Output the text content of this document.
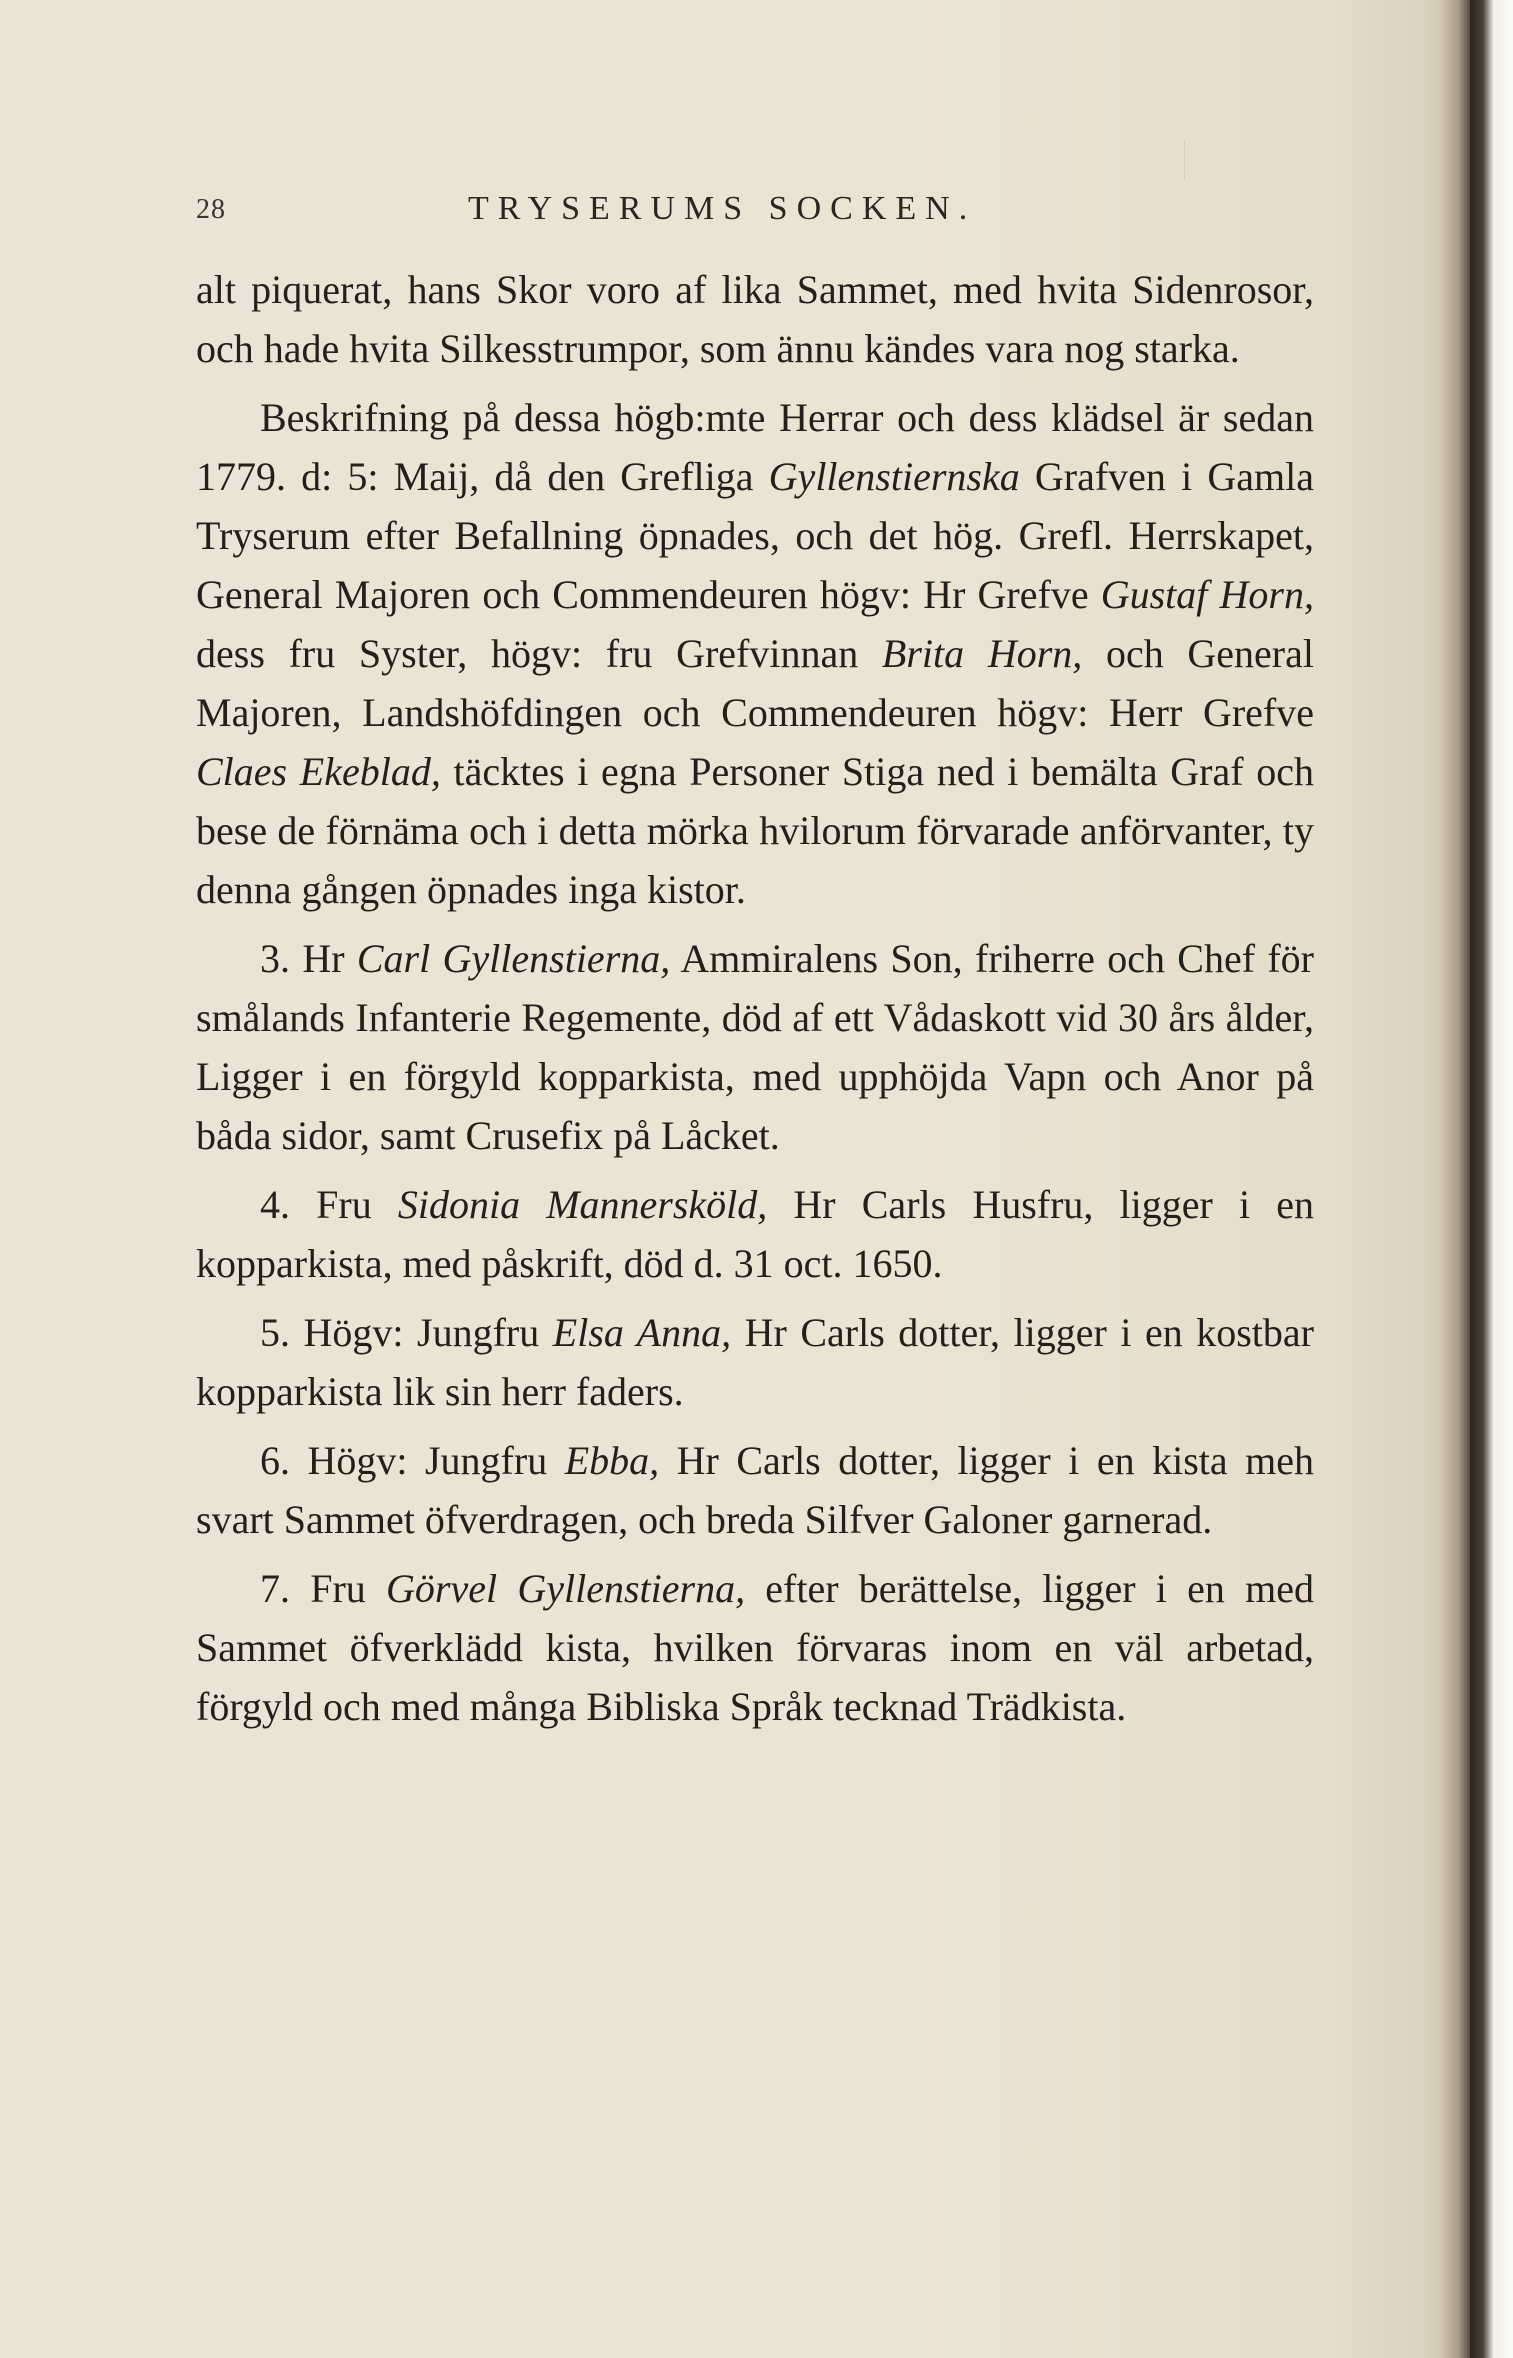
28	TRYSERUMS SOCKEN.

alt piquerat, hans Skor voro af lika Sammet, med hvita Sidenrosor, och hade hvita Silkesstrumpor, som ännu kändes vara nog starka.

Beskrifning på dessa högb:mte Herrar och dess klädsel är sedan 1779. d: 5: Maij, då den Grefliga Gyllenstiernska Grafven i Gamla Tryserum efter Befallning öpnades, och det hög. Grefl. Herrskapet, General Majoren och Commendeuren högv: Hr Grefve Gustaf Horn, dess fru Syster, högv: fru Grefvinnan Brita Horn, och General Majoren, Landshöfdingen och Commendeuren högv: Herr Grefve Claes Ekeblad, täcktes i egna Personer Stiga ned i bemälta Graf och bese de förnäma och i detta mörka hvilorum förvarade anförvanter, ty denna gången öpnades inga kistor.

3. Hr Carl Gyllenstierna, Ammiralens Son, friherre och Chef för smålands Infanterie Regemente, död af ett Vådaskott vid 30 års ålder, Ligger i en förgyld kopparkista, med upphöjda Vapn och Anor på båda sidor, samt Crusefix på Låcket.

4. Fru Sidonia Mannersköld, Hr Carls Husfru, ligger i en kopparkista, med påskrift, död d. 31 oct. 1650.

5. Högv: Jungfru Elsa Anna, Hr Carls dotter, ligger i en kostbar kopparkista lik sin herr faders.

6. Högv: Jungfru Ebba, Hr Carls dotter, ligger i en kista meh svart Sammet öfverdragen, och breda Silfver Galoner garnerad.

7. Fru Görvel Gyllenstierna, efter berättelse, ligger i en med Sammet öfverklädd kista, hvilken förvaras inom en väl arbetad, förgyld och med många Bibliska Språk tecknad Trädkista.
